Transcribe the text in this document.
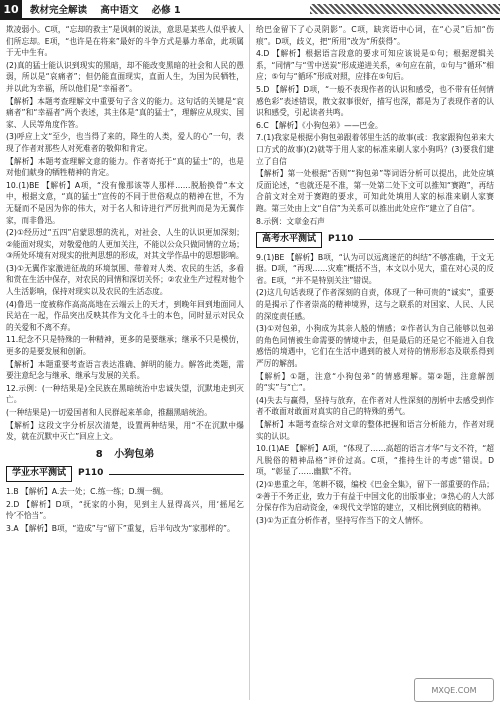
10	教材完全解读 高中语文 必修 1

欺凌弱小。C项，“忘却的救主”是讽刺的说法，意思是某些人似乎被人们所忘却。E项，“也许是在将来”最好的斗争方式是暴力革命，此项属于无中生有。

(2)真的猛士能认识到现实的黑暗，却不能改变黑暗的社会和人民的愚弱，所以是“哀痛者”；但仍能直面现实，直面人生，为国为民牺牲，并以此为幸福，所以他们是“幸福者”。

【解析】本题考查理解文中重要句子含义的能力。这句话的关键是“哀痛者”和“幸福者”两个表述，其主体是“真的猛士”，理解应从现实、国家、人民等角度作答。

(3)呼应上文“至少，也当得了来的，降生的人类，爱人的心”一句，表现了作者对那些人对死难者的敬仰和肯定。

【解析】本题考查理解文意的能力。作者寄托于“真的猛士”的，也是对他们献身的牺牲精神的肯定。

10.(1)BE 【解析】A项，“没有像那该等人那样……脱胎换骨”本文中，根据文意，“真的猛士”宣传的不同于世俗观点的精神在世，不为无疑而不是因为你的伟大，对于名人和诗进行严厉批判而是为无翼作家，而非鲁迅。

(2)①经历过“五四”启蒙思想的洗礼，对社会、人生的认识更加深刻；②能面对现实，对敬爱他的人更加关注，不能以公众只做同情的立场；③所处环境有对现实的批判思想的形成，对其文学作品中的思想影响。

(3)①无翼作家激进征战的环境氛围、带着对人类、农民的生活，多看和赏在生活中保存，对农民的同情和深切关怀；②农业生产过程对他个人生活影响，保持对现实以及农民的生活态度。

(4)鲁迅一度被称作高高高地在云端云上的天才，到晚年回到地面同人民站在一起，作品突出反映其作为文化斗士的本色，同时显示对民众的关爱和不离不弃。

11.纪念不只是特殊的一种精神，更多的是要继承；继承不只是模仿，更多的是要发展和创新。

【解析】本题重要考查语言表达准确、鲜明的能力。解答此类题，需要注意纪念与继承、继承与发展的关系。

12.示例：(一种结果是)全民族在黑暗统治中忠诚失望，沉默地走到灭亡。

(一种结果是)一切爱国者和人民群起来革命，推翻黑暗统治。

【解析】这段文字分析层次清楚，设置两种结果，用“不在沉默中爆发，就在沉默中灭亡”回应上文。

8 小狗包弟
学业水平测试	P110

1.B 【解析】A.去一处；C.练一练；D.绸一绸。

2.D 【解析】D项，“抚家的小狗，见到主人显得高兴，用‘摇尾乞怜’不恰当”。

3.A 【解析】B项，“造成”与“留下”重复，后半句改为“家那样的”。

给巴金留下了心灵阴影”。C项，缺宾语中心词，在“心灵”后加“伤痕”。D项，歧义，把“所用”改为“所获得”。

4.D 【解析】根据语言段意的要求可知应该说是①句；根据逻辑关系，“同情”与“雪中送炭”形成递进关系，④句应在前，①句与“循环”相应；⑤句与“循环”形成对照，应排在⑤句后。

5.D 【解析】D项，“一般不表现作者的认识和感受，也不带有任何情感色彩”表述错误，散文叙事很好，描写也深，都是为了表现作者的认识和感受，引起读者共鸣。

6.C 【解析】《小狗包弟》——巴金。

7.(1)我家是根据小狗包弟跟着邻里生活的故事(或：我家跟狗包弟来大口方式的故事)(2)就等于用人家的标准来刷人家小狗吗？(3)要我们建立了自信

【解析】第一处根据“否则”“狗包弟”等词语分析可以提出，此处应填反面论述，“也就还是不准，第一处第二处下文可以推知“赛跑”，再结合前文对全对于赛跑的要求，可知此处填用人家的标准来刷人家赛跑。第三处由上文“自信”为关系可以推出此处应作“建立了自信”。

8.示例：文章金石声

高考水平测试	P110

9.(1)BE 【解析】B项，“认为可以远离迷茫的纠结”不够准确，于文无据。D项，“再现……灾难”概括不当，本文以小见大，重在对心灵的反省。E项，“并不是特别关注”错误。

(2)这几句话表现了作者深刻的自责，体现了一种可贵的“诚实”，重要的是揭示了作者崇高的精神境界，这与之联系的对国家、人民、人民的深度责任感。

(3)①对包弟，小狗成为其亲人般的情感；②作者认为自己能够以包弟的角色同情被生命需要的情境中去，但是最后的还是它不能进入自我感悟的境遇中，它们在生活中遇到的被人对待的情形形态及联系得到严厉的解剖。

【解析】①题，注意“小狗包弟”的情感理解。第②题，注意解剖的“实”与“亡”。

(4)失去与赢得，坚持与放弃，在作者对人性深刻的剖析中去感受到作者不敢面对敢面对真实的自己的特殊的勇气。

【解析】本题考查综合对文章的整体把握和语言分析能力，作者对现实的认识。

10.(1)AE 【解析】A项，“体现了……高超的语言才华”与文不符，“超凡脱俗的精神品格”评价过高。C项，“推持生计的考虑”错误。D项，“彰显了……幽默”不符。

(2)①患重之年，笔耕不辍，编校《巴金全集》，留下一部重要的作品；②善于不务正业，致力于有益于中国文化的出版事业；③热心的人大部分保存作为启动资金，④现代文学馆的建立，又相比例到底的精神。

(3)①为正直分析作者，坚持写作当下的文人情怀。

MXQE.COM
